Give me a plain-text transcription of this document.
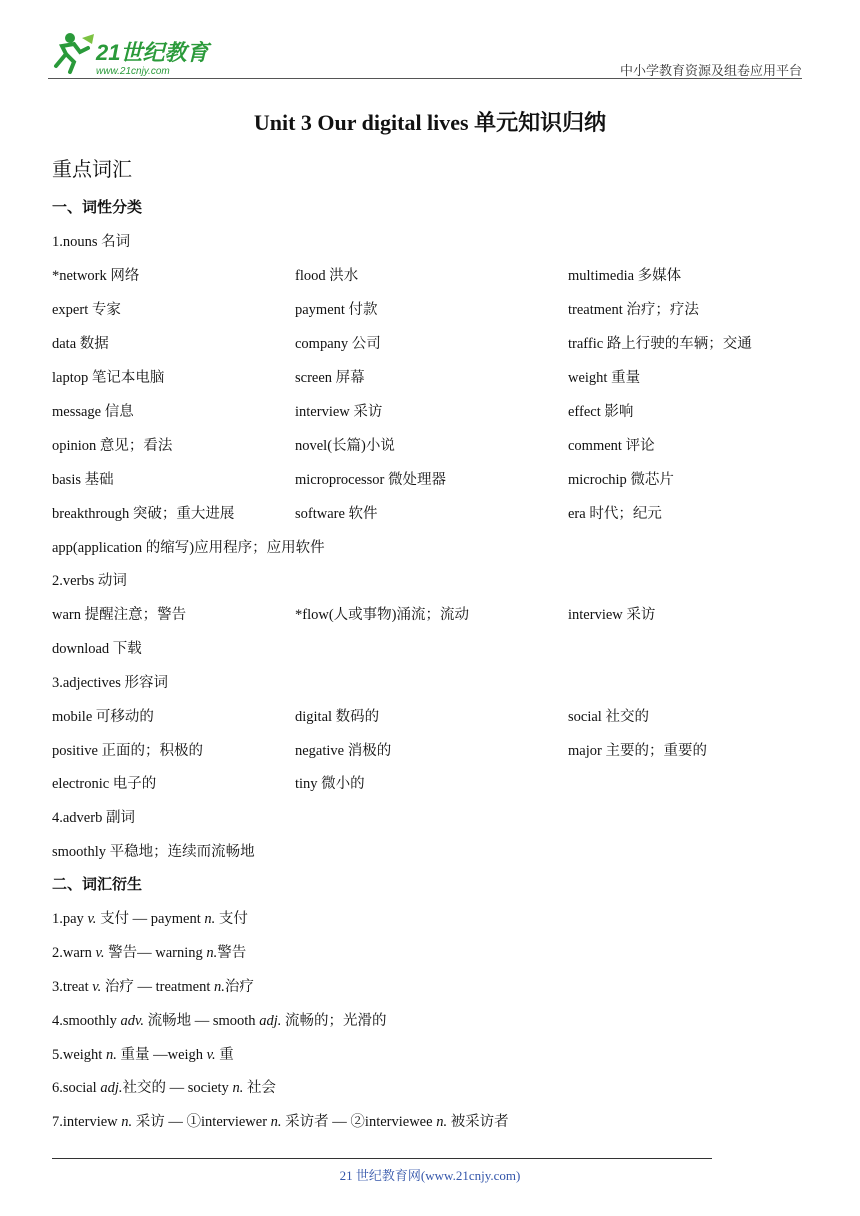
21世纪教育
www.21cnjy.com	中小学教育资源及组卷应用平台
Unit 3 Our digital lives 单元知识归纳
重点词汇
一、词性分类
1.nouns 名词
*network 网络	flood 洪水	multimedia 多媒体
expert 专家	payment 付款	treatment 治疗；疗法
data 数据	company 公司	traffic 路上行驶的车辆；交通
laptop 笔记本电脑	screen 屏幕	weight 重量
message 信息	interview 采访	effect 影响
opinion 意见；看法	novel(长篇)小说	comment 评论
basis 基础	microprocessor 微处理器	microchip 微芯片
breakthrough 突破；重大进展	software 软件	era 时代；纪元
app(application 的缩写)应用程序；应用软件
2.verbs 动词
warn 提醒注意；警告	*flow(人或事物)涌流；流动	interview 采访
download 下载
3.adjectives 形容词
mobile 可移动的	digital 数码的	social 社交的
positive 正面的；积极的	negative 消极的	major 主要的；重要的
electronic 电子的	tiny 微小的
4.adverb 副词
smoothly 平稳地；连续而流畅地
二、词汇衍生
1.pay v. 支付 — payment n. 支付
2.warn v. 警告— warning n.警告
3.treat v. 治疗 — treatment n.治疗
4.smoothly adv. 流畅地 — smooth adj. 流畅的；光滑的
5.weight n. 重量 —weigh v. 重
6.social adj.社交的 — society n. 社会
7.interview n. 采访 — ①interviewer n. 采访者 — ②interviewee n. 被采访者
21 世纪教育网(www.21cnjy.com)
